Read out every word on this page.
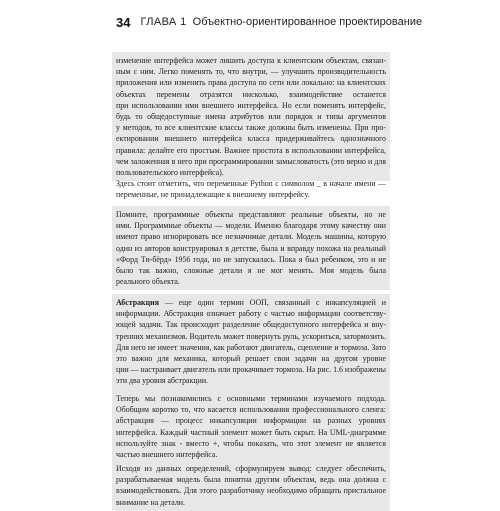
34 ГЛАВА 1 Объектно-ориентированное проектирование
изменение интерфейса может лишить доступа к клиентским объектам, связан-
ным с ним. Легко поменять то, что внутри, — улучшить производительность
приложения или изменить права доступа по сети или локально: на клиентских
объектах перемены отразятся нисколько, взаимодействие останется
при использовании ими внешнего интерфейса. Но если поменять интерфейс,
будь то общедоступные имена атрибутов или порядок и типы аргументов
у методов, то все клиентские классы также должны быть изменены. При про-
ектировании внешнего интерфейса класса придерживайтесь однозначного
правила: делайте его простым. Важнее простота в использовании интерфейса,
чем заложенная в него при программировании замысловатость (это верно и для
пользовательского интерфейса).
Здесь стоит отметить, что переменные Python с символом _ в начале имени —
переменные, не принадлежащие к внешнему интерфейсу.
Помните, программные объекты представляют реальные объекты, но не
ими. Программные объекты — модели. Именно благодаря этому качеству они
имеют право игнорировать все незначимые детали. Модель машины, которую
один из авторов конструировал в детстве, была и вправду похожа на реальный
«Форд Ти-бёрд» 1956 года, но не запускалась. Пока я был ребенком, это и не
было так важно, сложные детали я не мог менять. Моя модель была
реального объекта.
Абстракция — еще один термин ООП, связанный с инкапсуляцией и
информации. Абстракция означает работу с частью информации соответству-
ющей задачи. Так происходит разделение общедоступного интерфейса и вну-
тренних механизмов. Водитель может повернуть руль, ускориться, затормозить.
Для него не имеет значения, как работают двигатель, сцепление и тормоза. Зато
это важно для механика, который решает свои задачи на другом уровне
ции — настраивает двигатель или прокачивает тормоза. На рис. 1.6 изображены
эти два уровня абстракции.
Теперь мы познакомились с основными терминами изучаемого подхода.
Обобщим коротко то, что касается использования профессионального сленга:
абстракция — процесс инкапсуляции информации на разных уровнях
интерфейса. Каждый частный элемент может быть скрыт. На UML-диаграмме
используйте знак - вместо +, чтобы показать, что этот элемент не является
частью внешнего интерфейса.
Исходя из данных определений, сформулируем вывод: следует обеспечить,
разрабатываемая модель была понятна другим объектам, ведь она должна с
взаимодействовать. Для этого разработчику необходимо обращать пристальное
внимание на детали.
